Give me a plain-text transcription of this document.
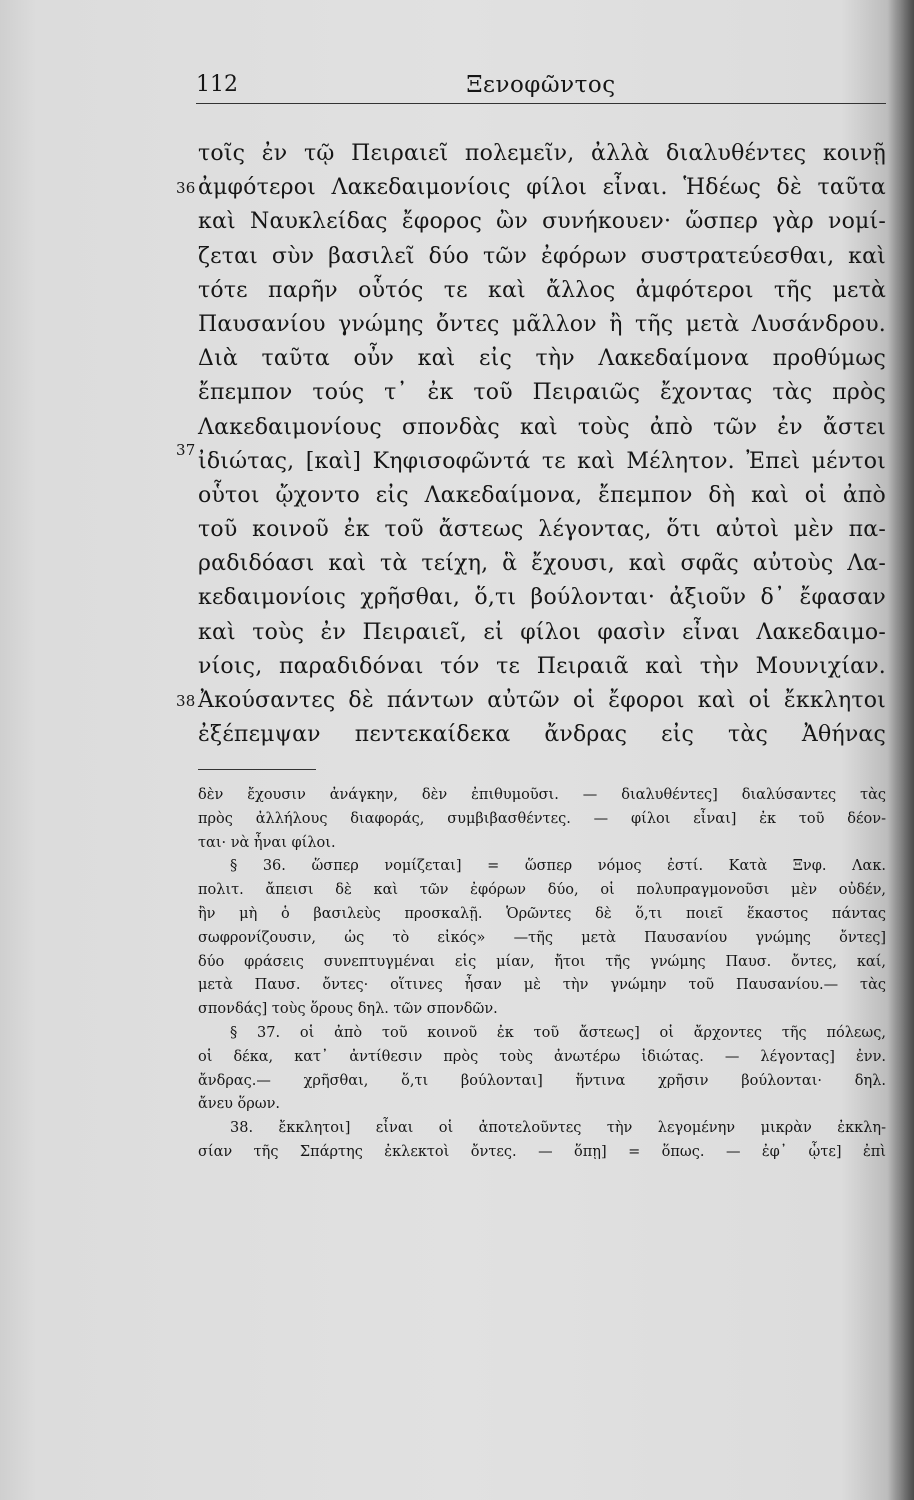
112	Ξενοφῶντος
τοῖς ἐν τῷ Πειραιεῖ πολεμεῖν, ἀλλὰ διαλυθέντες κοινῇ
36 ἀμφότεροι Λακεδαιμονίοις φίλοι εἶναι. Ἡδέως δὲ ταῦτα
καὶ Ναυκλείδας ἔφορος ὢν συνήκουεν· ὥσπερ γὰρ νομί-
ζεται σὺν βασιλεῖ δύο τῶν ἐφόρων συστρατεύεσθαι, καὶ
τότε παρῆν οὗτός τε καὶ ἄλλος ἀμφότεροι τῆς μετὰ
Παυσανίου γνώμης ὄντες μᾶλλον ἢ τῆς μετὰ Λυσάνδρου.
Διὰ ταῦτα οὖν καὶ εἰς τὴν Λακεδαίμονα προθύμως
ἔπεμπον τούς τ᾿ ἐκ τοῦ Πειραιῶς ἔχοντας τὰς πρὸς
Λακεδαιμονίους σπονδὰς καὶ τοὺς ἀπὸ τῶν ἐν ἄστει
37 ἰδιώτας, [καὶ] Κηφισοφῶντά τε καὶ Μέλητον. Ἐπεὶ μέντοι
οὗτοι ᾤχοντο εἰς Λακεδαίμονα, ἔπεμπον δὴ καὶ οἱ ἀπὸ
τοῦ κοινοῦ ἐκ τοῦ ἄστεως λέγοντας, ὅτι αὐτοὶ μὲν πα-
ραδιδόασι καὶ τὰ τείχη, ἃ ἔχουσι, καὶ σφᾶς αὐτοὺς Λα-
κεδαιμονίοις χρῆσθαι, ὅ,τι βούλονται· ἀξιοῦν δ᾿ ἔφασαν
καὶ τοὺς ἐν Πειραιεῖ, εἰ φίλοι φασὶν εἶναι Λακεδαιμο-
νίοις, παραδιδόναι τόν τε Πειραιᾶ καὶ τὴν Μουνιχίαν.
38 Ἀκούσαντες δὲ πάντων αὐτῶν οἱ ἔφοροι καὶ οἱ ἔκκλητοι
ἐξέπεμψαν πεντεκαίδεκα ἄνδρας εἰς τὰς Ἀθήνας
δὲν ἔχουσιν ἀνάγκην, δὲν ἐπιθυμοῦσι. — διαλυθέντες] διαλύσαντες τὰς
πρὸς ἀλλήλους διαφοράς, συμβιβασθέντες. — φίλοι εἶναι] ἐκ τοῦ δέον-
ται· νὰ ἦναι φίλοι.
§ 36. ὥσπερ νομίζεται] = ὥσπερ νόμος ἐστί. Κατὰ Ξνφ. Λακ.
πολιτ. ἄπεισι δὲ καὶ τῶν ἐφόρων δύο, οἱ πολυπραγμονοῦσι μὲν οὐδέν,
ἢν μὴ ὁ βασιλεὺς προσκαλῇ. Ὁρῶντες δὲ ὅ,τι ποιεῖ ἕκαστος πάντας
σωφρονίζουσιν, ὡς τὸ εἰκός» —τῆς μετὰ Παυσανίου γνώμης ὄντες]
δύο φράσεις συνεπτυγμέναι εἰς μίαν, ἤτοι τῆς γνώμης Παυσ. ὄντες, καί,
μετὰ Παυσ. ὄντες· οἵτινες ἦσαν μὲ τὴν γνώμην τοῦ Παυσανίου.— τὰς
σπονδάς] τοὺς ὅρους δηλ. τῶν σπονδῶν.
§ 37. οἱ ἀπὸ τοῦ κοινοῦ ἐκ τοῦ ἄστεως] οἱ ἄρχοντες τῆς πόλεως,
οἱ δέκα, κατ᾿ ἀντίθεσιν πρὸς τοὺς ἀνωτέρω ἰδιώτας. — λέγοντας] ἐνν.
ἄνδρας.— χρῆσθαι, ὅ,τι βούλονται] ἥντινα χρῆσιν βούλονται· δηλ.
ἄνευ ὅρων.
38. ἔκκλητοι] εἶναι οἱ ἀποτελοῦντες τὴν λεγομένην μικρὰν ἐκκλη-
σίαν τῆς Σπάρτης ἐκλεκτοὶ ὄντες. — ὅπῃ] = ὅπως. — ἐφ᾿ ᾧτε] ἐπὶ
